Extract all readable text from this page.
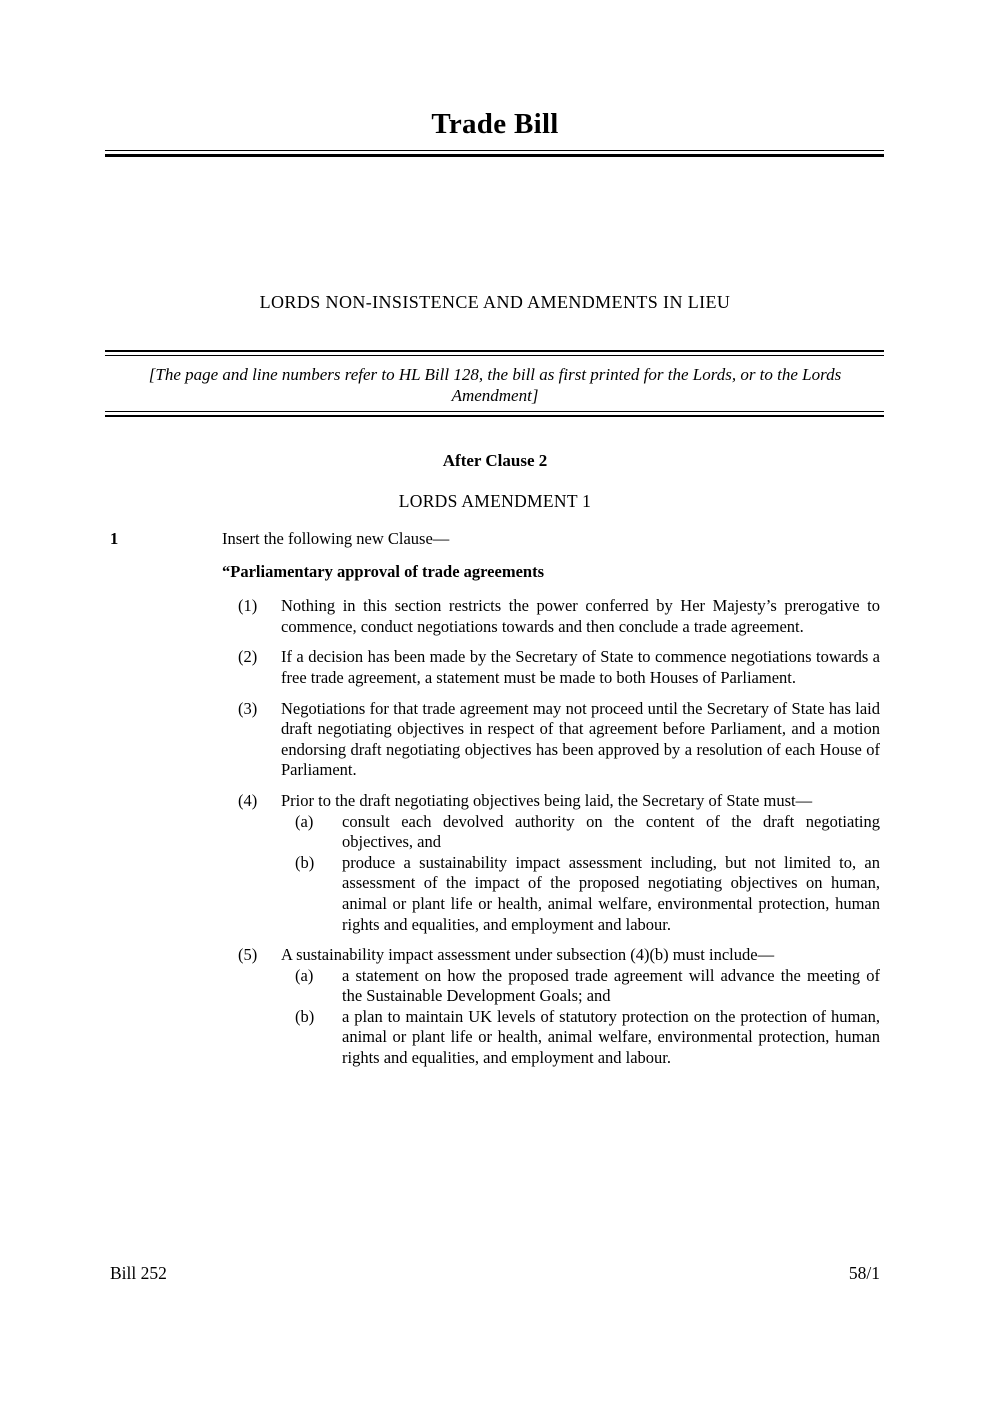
Trade Bill
LORDS NON-INSISTENCE AND AMENDMENTS IN LIEU

[The page and line numbers refer to HL Bill 128, the bill as first printed for the Lords, or to the Lords Amendment]

After Clause 2
LORDS AMENDMENT 1
1	Insert the following new Clause—
“Parliamentary approval of trade agreements
(1) Nothing in this section restricts the power conferred by Her Majesty’s prerogative to commence, conduct negotiations towards and then conclude a trade agreement.
(2) If a decision has been made by the Secretary of State to commence negotiations towards a free trade agreement, a statement must be made to both Houses of Parliament.
(3) Negotiations for that trade agreement may not proceed until the Secretary of State has laid draft negotiating objectives in respect of that agreement before Parliament, and a motion endorsing draft negotiating objectives has been approved by a resolution of each House of Parliament.
(4) Prior to the draft negotiating objectives being laid, the Secretary of State must—
(a) consult each devolved authority on the content of the draft negotiating objectives, and
(b) produce a sustainability impact assessment including, but not limited to, an assessment of the impact of the proposed negotiating objectives on human, animal or plant life or health, animal welfare, environmental protection, human rights and equalities, and employment and labour.
(5) A sustainability impact assessment under subsection (4)(b) must include—
(a) a statement on how the proposed trade agreement will advance the meeting of the Sustainable Development Goals; and
(b) a plan to maintain UK levels of statutory protection on the protection of human, animal or plant life or health, animal welfare, environmental protection, human rights and equalities, and employment and labour.
Bill 252	58/1
